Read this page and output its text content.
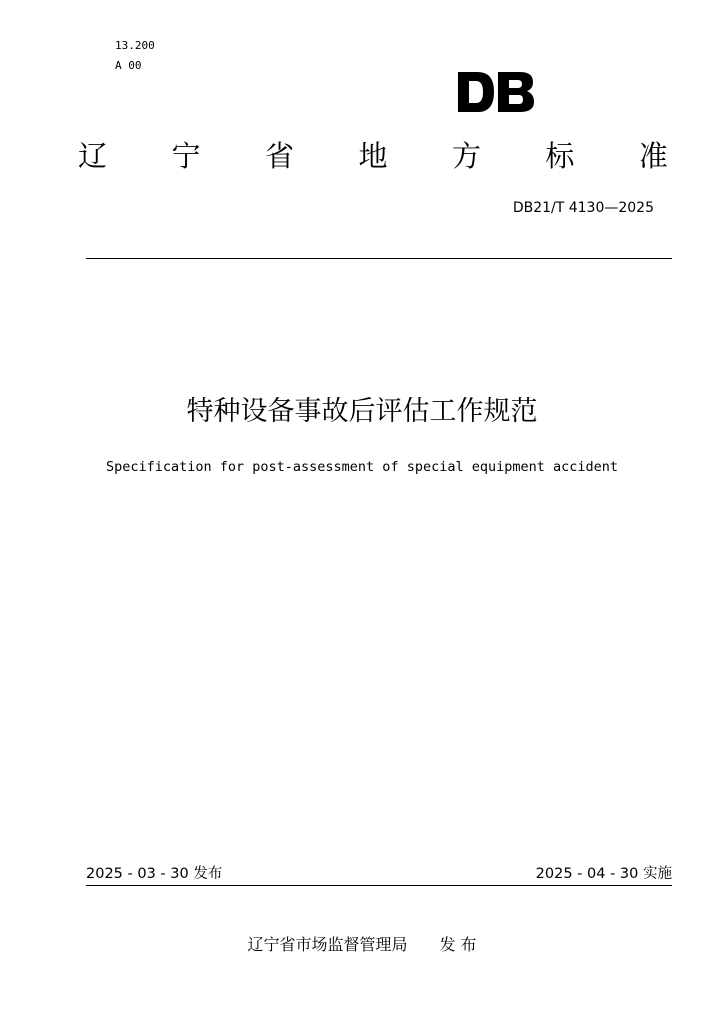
13.200
A 00
辽 宁 省 地 方 标 准
DB21/T 4130—2025
特种设备事故后评估工作规范
Specification for post-assessment of special equipment accident
2025 - 03 - 30 发布	2025 - 04 - 30 实施
辽宁省市场监督管理局 发 布
